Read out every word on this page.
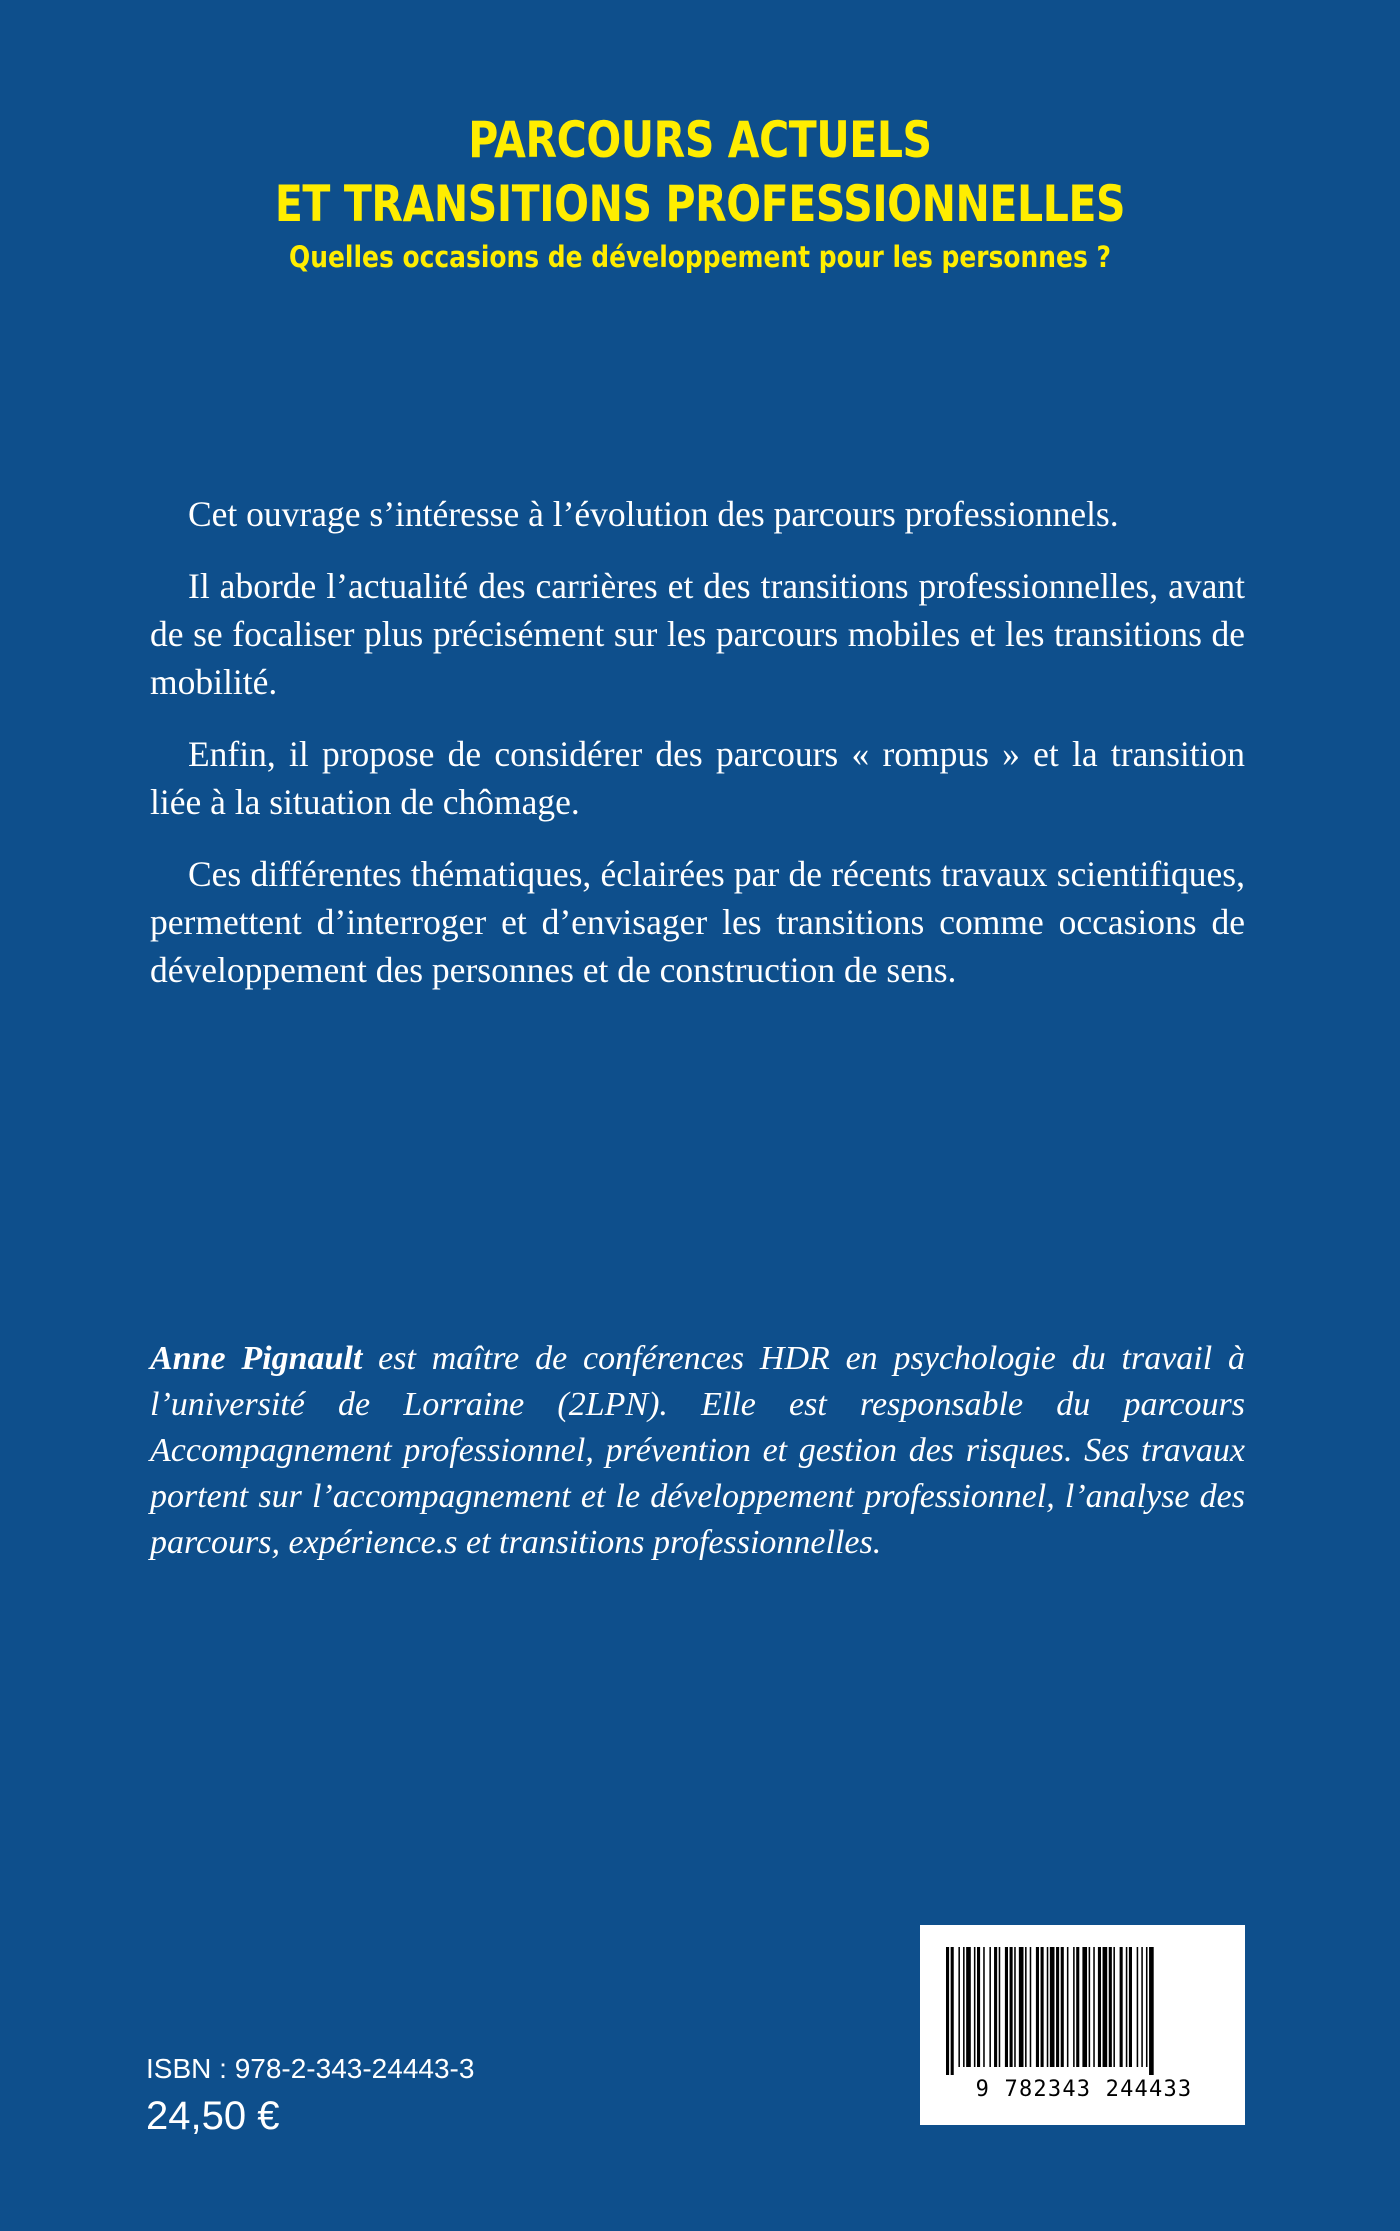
PARCOURS ACTUELS
ET TRANSITIONS PROFESSIONNELLES
Quelles occasions de développement pour les personnes ?

Cet ouvrage s’intéresse à l’évolution des parcours professionnels.

Il aborde l’actualité des carrières et des transitions professionnelles, avant de se focaliser plus précisément sur les parcours mobiles et les transitions de mobilité.

Enfin, il propose de considérer des parcours « rompus » et la transition liée à la situation de chômage.

Ces différentes thématiques, éclairées par de récents travaux scientifiques, permettent d’interroger et d’envisager les transitions comme occasions de développement des personnes et de construction de sens.

Anne Pignault est maître de conférences HDR en psychologie du travail à l’université de Lorraine (2LPN). Elle est responsable du parcours Accompagnement professionnel, prévention et gestion des risques. Ses travaux portent sur l’accompagnement et le développement professionnel, l’analyse des parcours, expérience.s et transitions professionnelles.

ISBN : 978-2-343-24443-3
24,50 €
9 782343 244433
